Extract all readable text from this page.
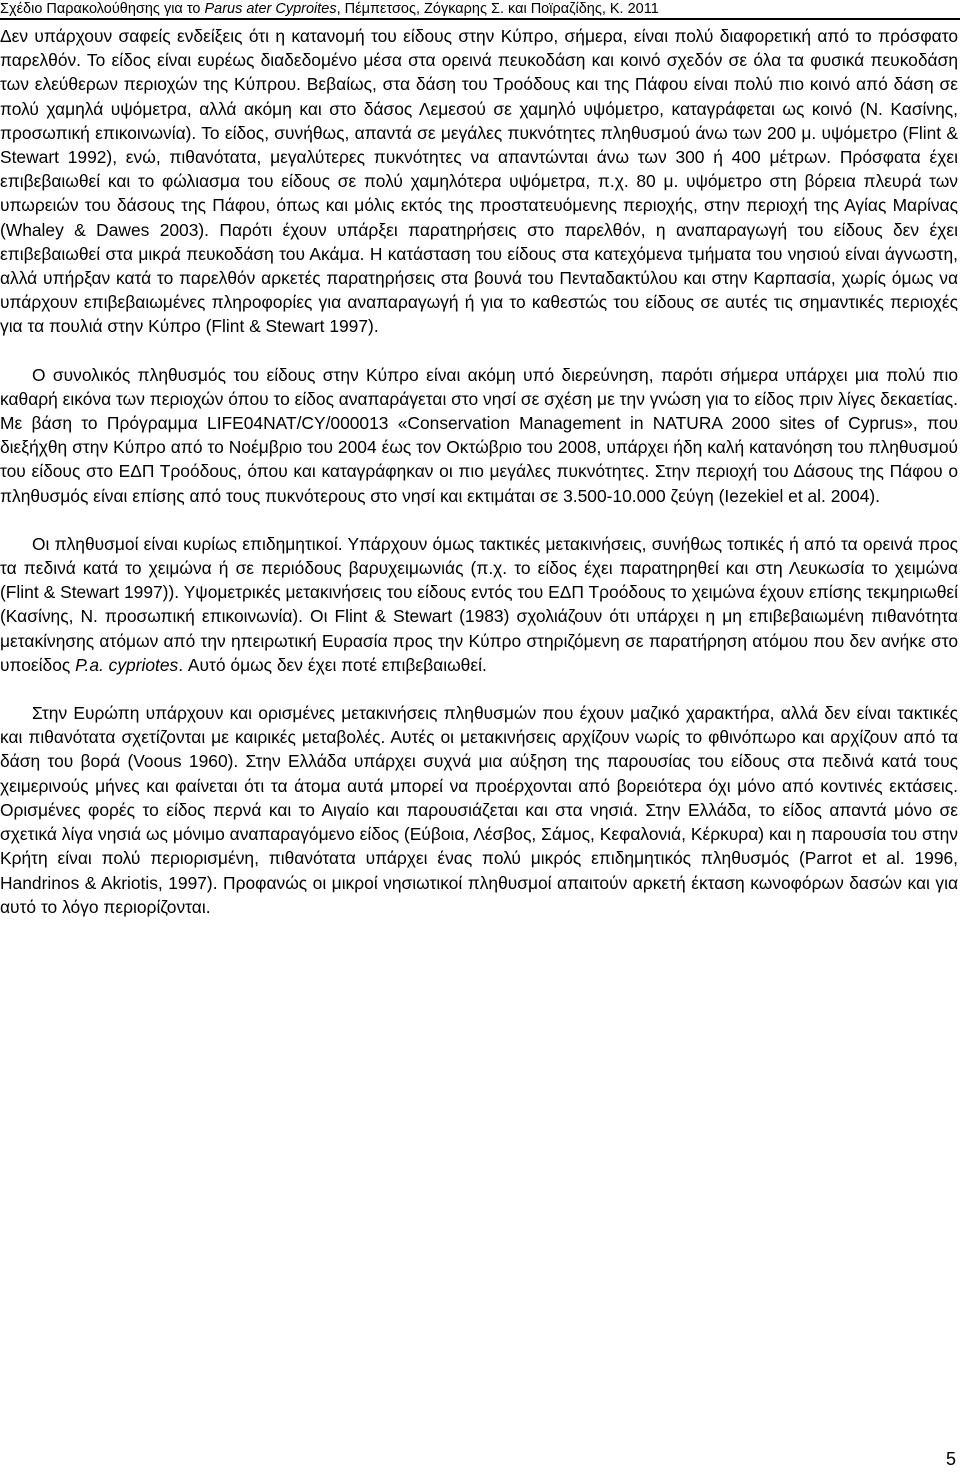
Σχέδιο Παρακολούθησης για το Parus ater Cyproites, Πέμπετσος, Ζόγκαρης Σ. και Ποϊραζίδης, Κ. 2011

Δεν υπάρχουν σαφείς ενδείξεις ότι η κατανομή του είδους στην Κύπρο, σήμερα, είναι πολύ διαφορετική από το πρόσφατο παρελθόν. Το είδος είναι ευρέως διαδεδομένο μέσα στα ορεινά πευκοδάση και κοινό σχεδόν σε όλα τα φυσικά πευκοδάση των ελεύθερων περιοχών της Κύπρου. Βεβαίως, στα δάση του Τροόδους και της Πάφου είναι πολύ πιο κοινό από δάση σε πολύ χαμηλά υψόμετρα, αλλά ακόμη και στο δάσος Λεμεσού σε χαμηλό υψόμετρο, καταγράφεται ως κοινό (Ν. Κασίνης, προσωπική επικοινωνία). Το είδος, συνήθως, απαντά σε μεγάλες πυκνότητες πληθυσμού άνω των 200 μ. υψόμετρο (Flint & Stewart 1992), ενώ, πιθανότατα, μεγαλύτερες πυκνότητες να απαντώνται άνω των 300 ή 400 μέτρων. Πρόσφατα έχει επιβεβαιωθεί και το φώλιασμα του είδους σε πολύ χαμηλότερα υψόμετρα, π.χ. 80 μ. υψόμετρο στη βόρεια πλευρά των υπωρειών του δάσους της Πάφου, όπως και μόλις εκτός της προστατευόμενης περιοχής, στην περιοχή της Αγίας Μαρίνας (Whaley & Dawes 2003). Παρότι έχουν υπάρξει παρατηρήσεις στο παρελθόν, η αναπαραγωγή του είδους δεν έχει επιβεβαιωθεί στα μικρά πευκοδάση του Ακάμα. Η κατάσταση του είδους στα κατεχόμενα τμήματα του νησιού είναι άγνωστη, αλλά υπήρξαν κατά το παρελθόν αρκετές παρατηρήσεις στα βουνά του Πενταδακτύλου και στην Καρπασία, χωρίς όμως να υπάρχουν επιβεβαιωμένες πληροφορίες για αναπαραγωγή ή για το καθεστώς του είδους σε αυτές τις σημαντικές περιοχές για τα πουλιά στην Κύπρο (Flint & Stewart 1997).

Ο συνολικός πληθυσμός του είδους στην Κύπρο είναι ακόμη υπό διερεύνηση, παρότι σήμερα υπάρχει μια πολύ πιο καθαρή εικόνα των περιοχών όπου το είδος αναπαράγεται στο νησί σε σχέση με την γνώση για το είδος πριν λίγες δεκαετίας. Με βάση το Πρόγραμμα LIFE04NAT/CY/000013 «Conservation Management in NATURA 2000 sites of Cyprus», που διεξήχθη στην Κύπρο από το Νοέμβριο του 2004 έως τον Οκτώβριο του 2008, υπάρχει ήδη καλή κατανόηση του πληθυσμού του είδους στο ΕΔΠ Τροόδους, όπου και καταγράφηκαν οι πιο μεγάλες πυκνότητες. Στην περιοχή του Δάσους της Πάφου ο πληθυσμός είναι επίσης από τους πυκνότερους στο νησί και εκτιμάται σε 3.500-10.000 ζεύγη (Iezekiel et al. 2004).

Οι πληθυσμοί είναι κυρίως επιδημητικοί. Υπάρχουν όμως τακτικές μετακινήσεις, συνήθως τοπικές ή από τα ορεινά προς τα πεδινά κατά το χειμώνα ή σε περιόδους βαρυχειμωνιάς (π.χ. το είδος έχει παρατηρηθεί και στη Λευκωσία το χειμώνα (Flint & Stewart 1997)). Υψομετρικές μετακινήσεις του είδους εντός του ΕΔΠ Τροόδους το χειμώνα έχουν επίσης τεκμηριωθεί (Κασίνης, Ν. προσωπική επικοινωνία). Οι Flint & Stewart (1983) σχολιάζουν ότι υπάρχει η μη επιβεβαιωμένη πιθανότητα μετακίνησης ατόμων από την ηπειρωτική Ευρασία προς την Κύπρο στηριζόμενη σε παρατήρηση ατόμου που δεν ανήκε στο υποείδος P.a. cypriotes. Αυτό όμως δεν έχει ποτέ επιβεβαιωθεί.

Στην Ευρώπη υπάρχουν και ορισμένες μετακινήσεις πληθυσμών που έχουν μαζικό χαρακτήρα, αλλά δεν είναι τακτικές και πιθανότατα σχετίζονται με καιρικές μεταβολές. Αυτές οι μετακινήσεις αρχίζουν νωρίς το φθινόπωρο και αρχίζουν από τα δάση του βορά (Voous 1960). Στην Ελλάδα υπάρχει συχνά μια αύξηση της παρουσίας του είδους στα πεδινά κατά τους χειμερινούς μήνες και φαίνεται ότι τα άτομα αυτά μπορεί να προέρχονται από βορειότερα όχι μόνο από κοντινές εκτάσεις. Ορισμένες φορές το είδος περνά και το Αιγαίο και παρουσιάζεται και στα νησιά. Στην Ελλάδα, το είδος απαντά μόνο σε σχετικά λίγα νησιά ως μόνιμο αναπαραγόμενο είδος (Εύβοια, Λέσβος, Σάμος, Κεφαλονιά, Κέρκυρα) και η παρουσία του στην Κρήτη είναι πολύ περιορισμένη, πιθανότατα υπάρχει ένας πολύ μικρός επιδημητικός πληθυσμός (Parrot et al. 1996, Handrinos & Akriotis, 1997). Προφανώς οι μικροί νησιωτικοί πληθυσμοί απαιτούν αρκετή έκταση κωνοφόρων δασών και για αυτό το λόγο περιορίζονται.

5
